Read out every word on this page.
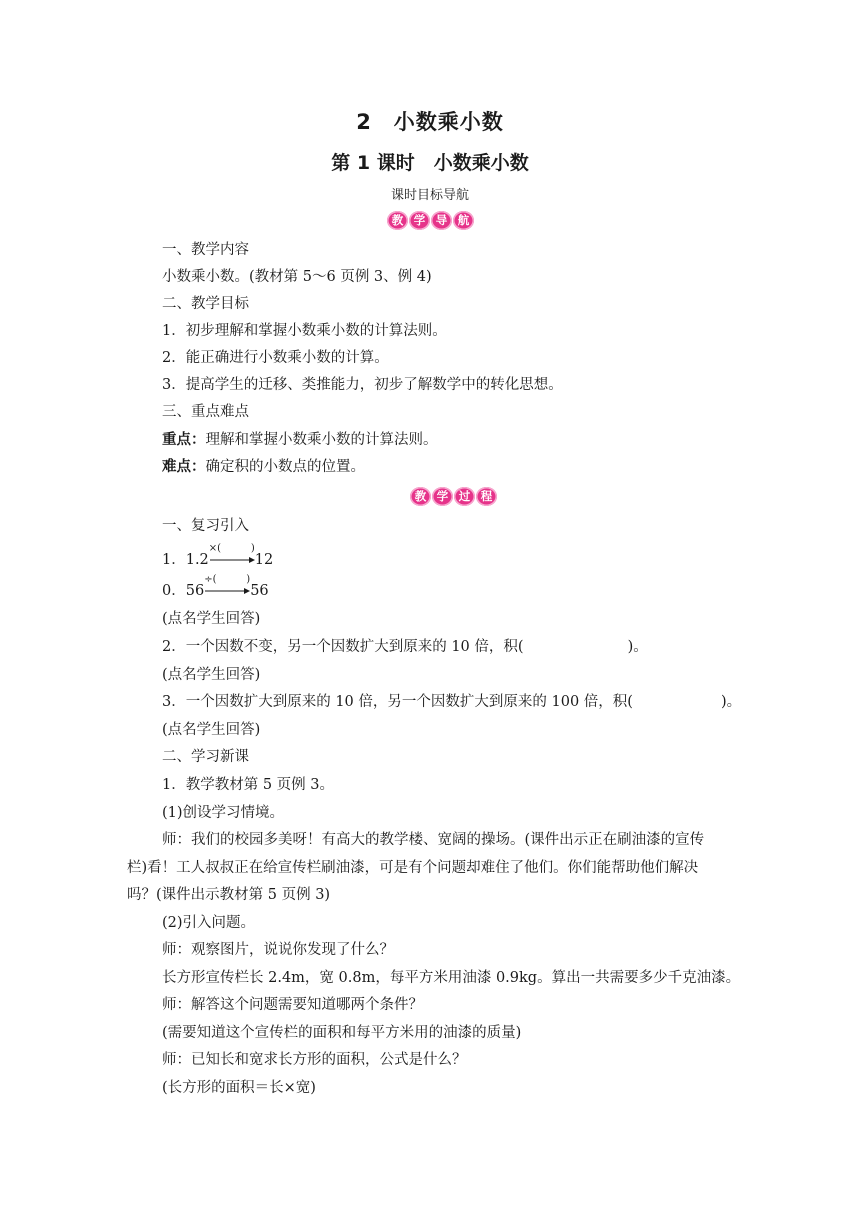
2　小数乘小数
第 1 课时　小数乘小数
课时目标导航
教 学 导 航
一、教学内容
小数乘小数。(教材第 5～6 页例 3、例 4)
二、教学目标
1．初步理解和掌握小数乘小数的计算法则。
2．能正确进行小数乘小数的计算。
3．提高学生的迁移、类推能力，初步了解数学中的转化思想。
三、重点难点
重点：理解和掌握小数乘小数的计算法则。
难点：确定积的小数点的位置。
教 学 过 程
一、复习引入
1．1.2
×(	)
12
0．56
÷(	)
56
(点名学生回答)
2．一个因数不变，另一个因数扩大到原来的 10 倍，积(	)。
(点名学生回答)
3．一个因数扩大到原来的 10 倍，另一个因数扩大到原来的 100 倍，积(	)。
(点名学生回答)
二、学习新课
1．教学教材第 5 页例 3。
(1)创设学习情境。
师：我们的校园多美呀！有高大的教学楼、宽阔的操场。(课件出示正在刷油漆的宣传
栏)看！工人叔叔正在给宣传栏刷油漆，可是有个问题却难住了他们。你们能帮助他们解决
吗？(课件出示教材第 5 页例 3)
(2)引入问题。
师：观察图片，说说你发现了什么？
长方形宣传栏长 2.4m，宽 0.8m，每平方米用油漆 0.9kg。算出一共需要多少千克油漆。
师：解答这个问题需要知道哪两个条件？
(需要知道这个宣传栏的面积和每平方米用的油漆的质量)
师：已知长和宽求长方形的面积，公式是什么？
(长方形的面积＝长×宽)
